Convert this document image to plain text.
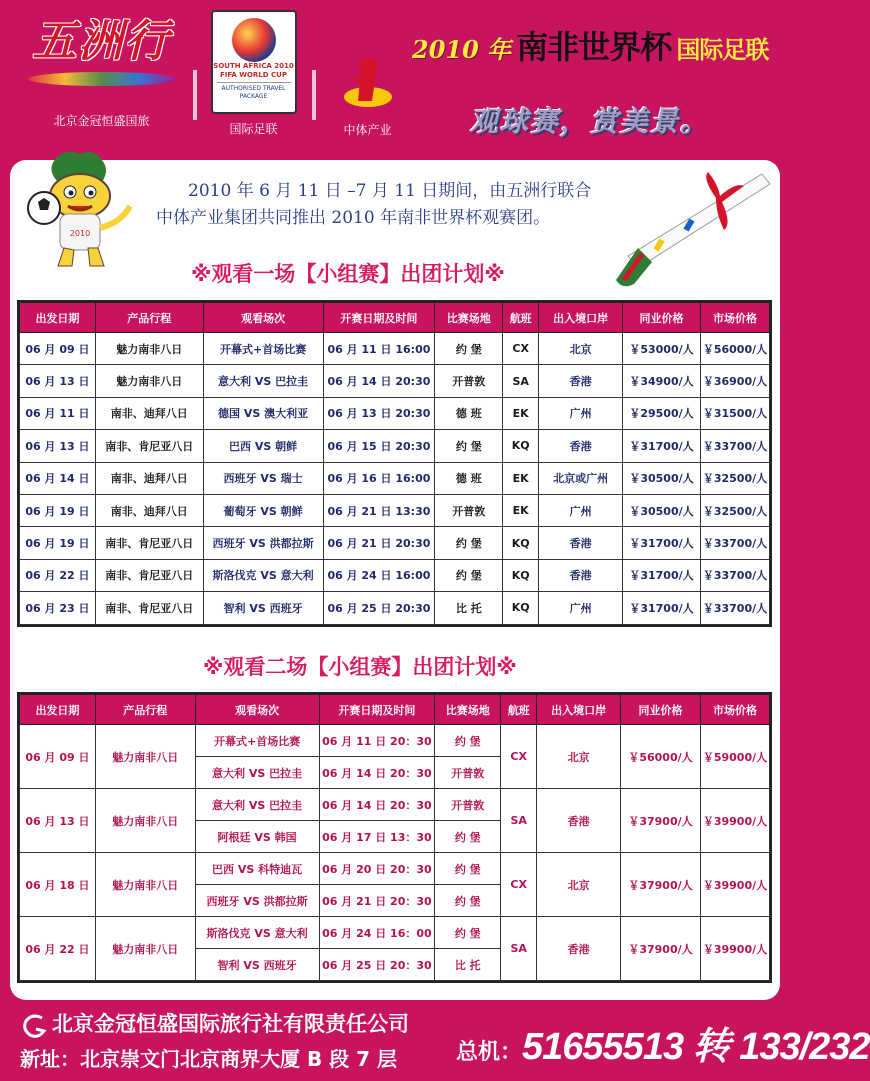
五洲行
北京金冠恒盛国旅
SOUTH AFRICA 2010
FIFA WORLD CUP
AUTHORISED TRAVEL PACKAGE
国际足联	中体产业
2010 年 南非世界杯 国际足联
观球赛，赏美景。
2010
2010 年 6 月 11 日 –7 月 11 日期间，由五洲行联合
中体产业集团共同推出 2010 年南非世界杯观赛团。
※观看一场【小组赛】出团计划※
出发日期	产品行程	观看场次	开赛日期及时间	比赛场地	航班	出入境口岸	同业价格	市场价格
06 月 09 日	魅力南非八日	开幕式+首场比赛	06 月 11 日 16:00	约 堡	CX	北京	￥53000/人	￥56000/人
06 月 13 日	魅力南非八日	意大利 VS 巴拉圭	06 月 14 日 20:30	开普敦	SA	香港	￥34900/人	￥36900/人
06 月 11 日	南非、迪拜八日	德国 VS 澳大利亚	06 月 13 日 20:30	德 班	EK	广州	￥29500/人	￥31500/人
06 月 13 日	南非、肯尼亚八日	巴西 VS 朝鲜	06 月 15 日 20:30	约 堡	KQ	香港	￥31700/人	￥33700/人
06 月 14 日	南非、迪拜八日	西班牙 VS 瑞士	06 月 16 日 16:00	德 班	EK	北京或广州	￥30500/人	￥32500/人
06 月 19 日	南非、迪拜八日	葡萄牙 VS 朝鲜	06 月 21 日 13:30	开普敦	EK	广州	￥30500/人	￥32500/人
06 月 19 日	南非、肯尼亚八日	西班牙 VS 洪都拉斯	06 月 21 日 20:30	约 堡	KQ	香港	￥31700/人	￥33700/人
06 月 22 日	南非、肯尼亚八日	斯洛伐克 VS 意大利	06 月 24 日 16:00	约 堡	KQ	香港	￥31700/人	￥33700/人
06 月 23 日	南非、肯尼亚八日	智利 VS 西班牙	06 月 25 日 20:30	比 托	KQ	广州	￥31700/人	￥33700/人
※观看二场【小组赛】出团计划※
出发日期	产品行程	观看场次	开赛日期及时间	比赛场地	航班	出入境口岸	同业价格	市场价格
06 月 09 日	魅力南非八日	开幕式+首场比赛	06 月 11 日 20：30	约 堡	CX	北京	￥56000/人	￥59000/人
		意大利 VS 巴拉圭	06 月 14 日 20：30	开普敦				
06 月 13 日	魅力南非八日	意大利 VS 巴拉圭	06 月 14 日 20：30	开普敦	SA	香港	￥37900/人	￥39900/人
		阿根廷 VS 韩国	06 月 17 日 13：30	约 堡				
06 月 18 日	魅力南非八日	巴西 VS 科特迪瓦	06 月 20 日 20：30	约 堡	CX	北京	￥37900/人	￥39900/人
		西班牙 VS 洪都拉斯	06 月 21 日 20：30	约 堡				
06 月 22 日	魅力南非八日	斯洛伐克 VS 意大利	06 月 24 日 16：00	约 堡	SA	香港	￥37900/人	￥39900/人
		智利 VS 西班牙	06 月 25 日 20：30	比 托				
北京金冠恒盛国际旅行社有限责任公司
新址：北京崇文门北京商界大厦 B 段 7 层	总机：51655513 转 133/232
